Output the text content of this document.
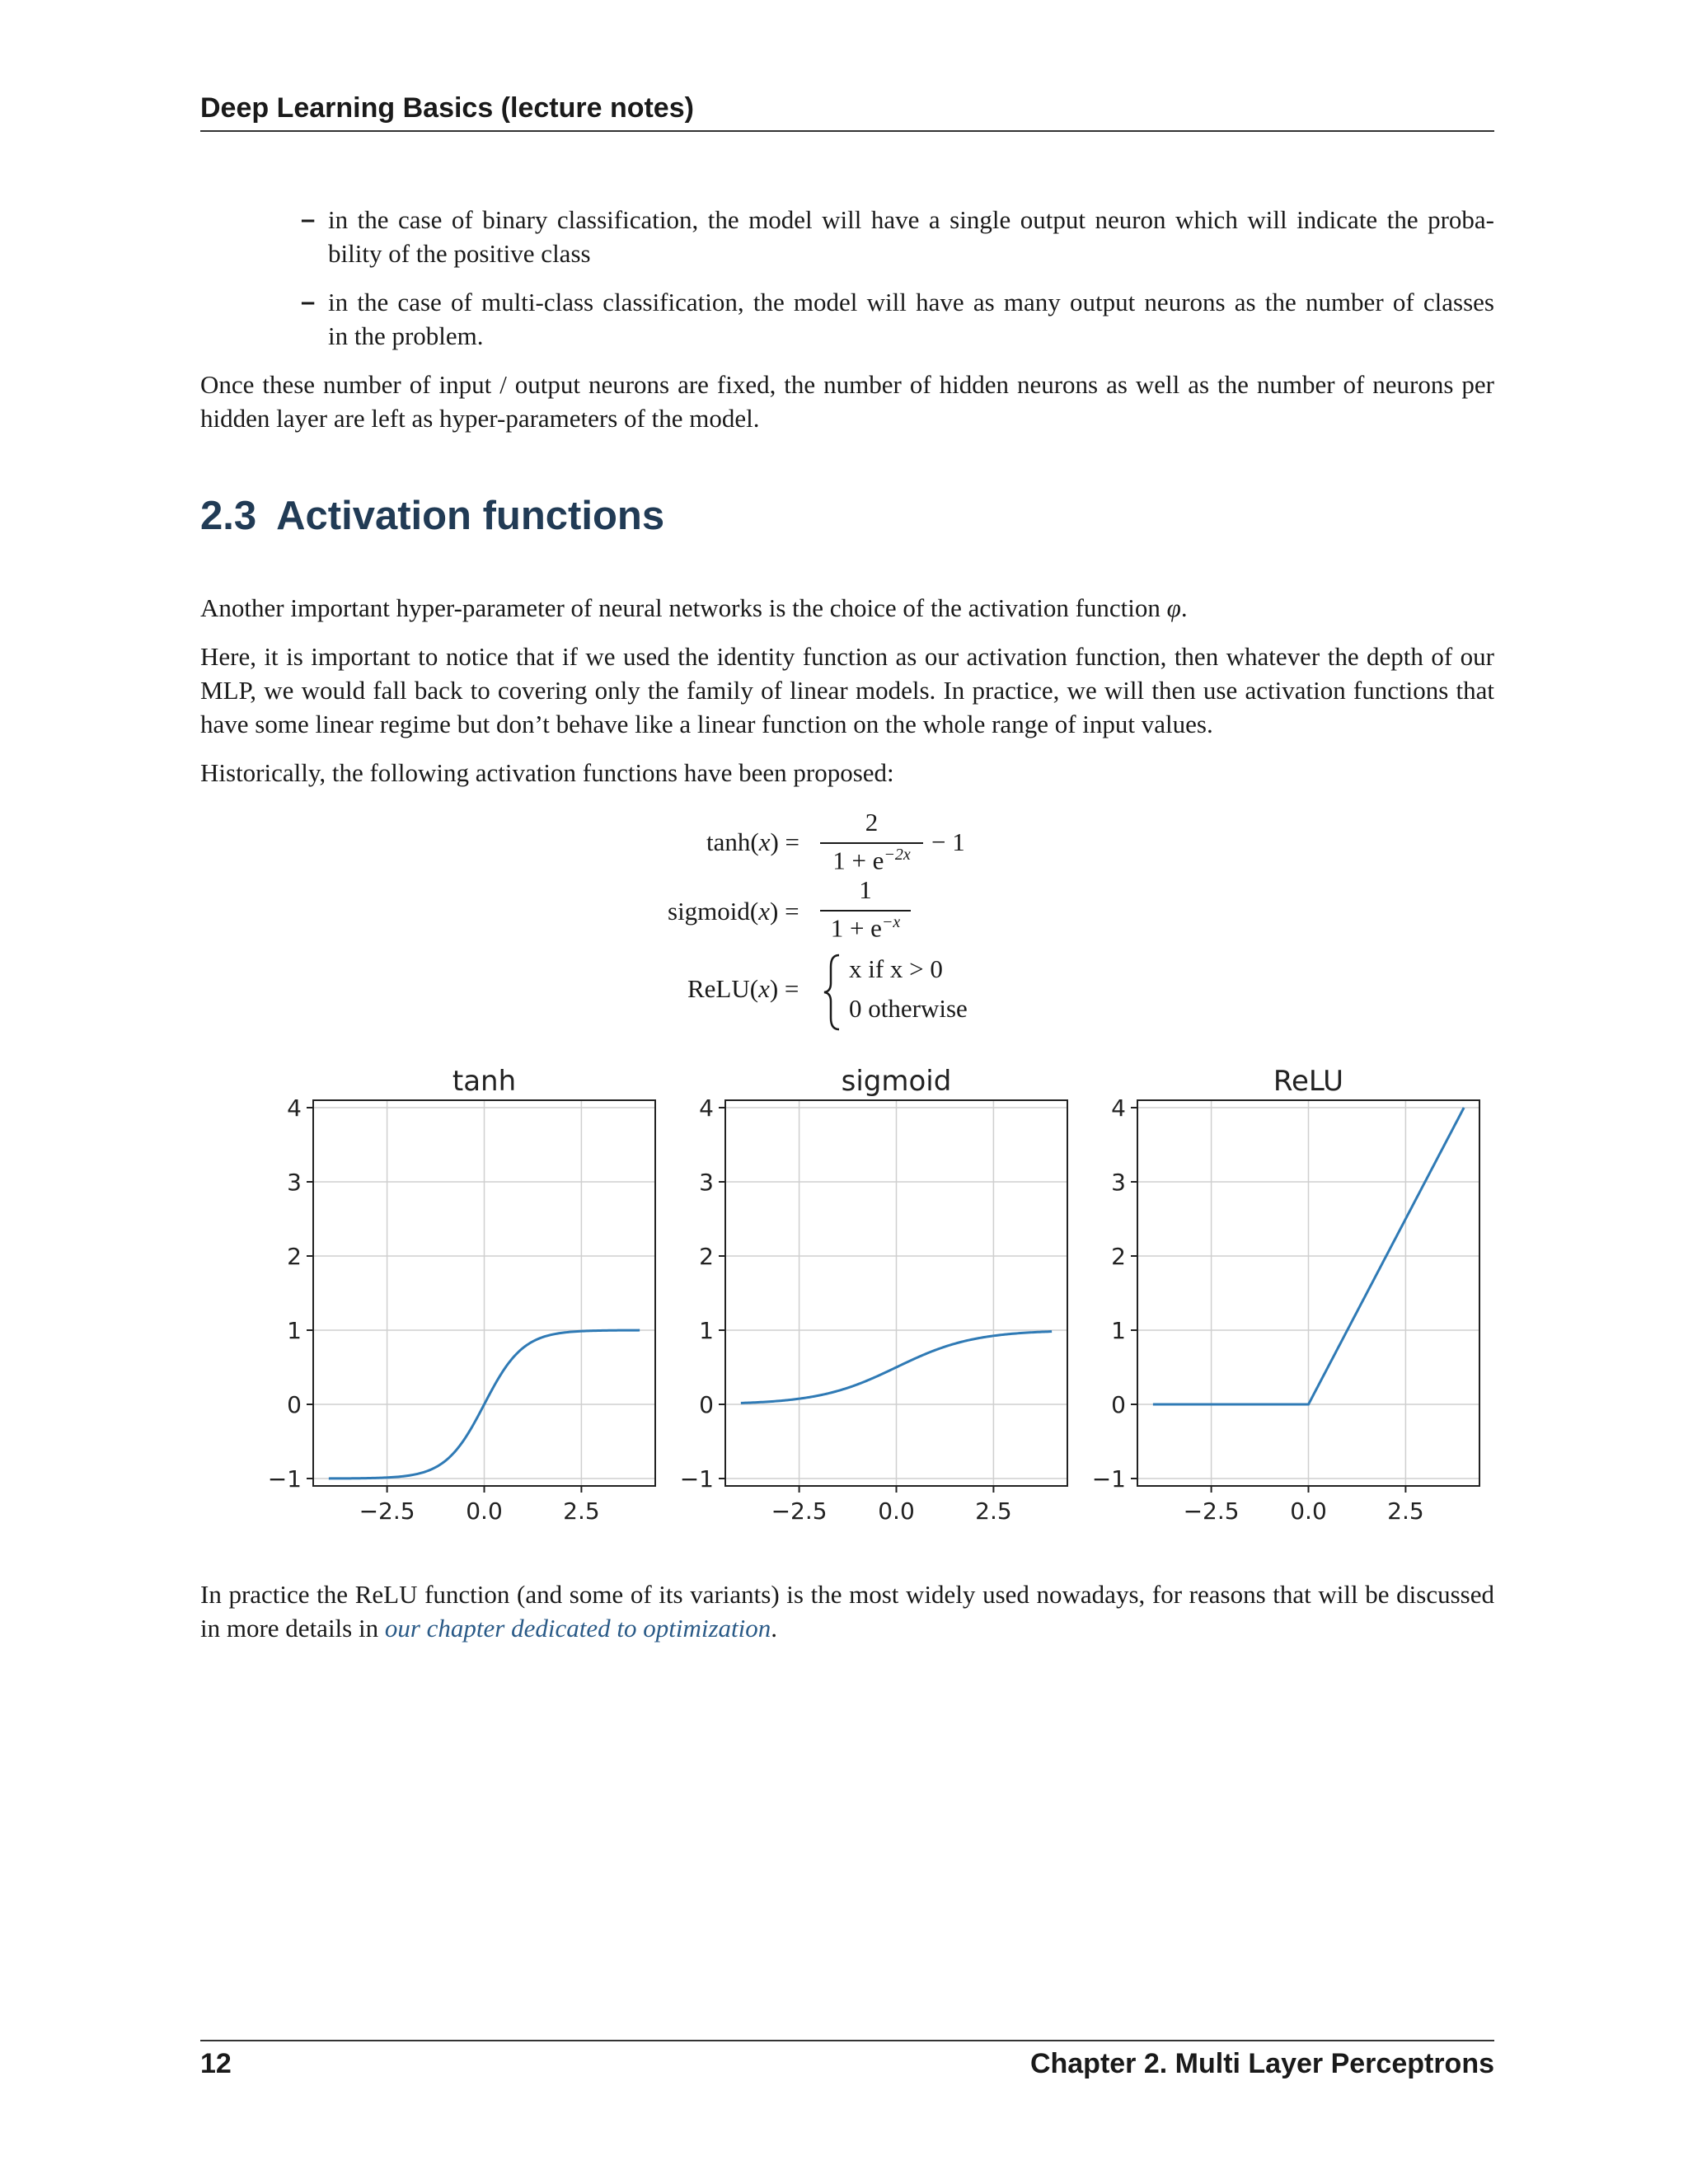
Deep Learning Basics (lecture notes)
– in the case of binary classification, the model will have a single output neuron which will indicate the proba-
bility of the positive class
– in the case of multi-class classification, the model will have as many output neurons as the number of classes
in the problem.
Once these number of input / output neurons are fixed, the number of hidden neurons as well as the number of neurons per hidden layer are left as hyper-parameters of the model.
2.3 Activation functions
Another important hyper-parameter of neural networks is the choice of the activation function φ.
Here, it is important to notice that if we used the identity function as our activation function, then whatever the depth of our MLP, we would fall back to covering only the family of linear models. In practice, we will then use activation functions that have some linear regime but don’t behave like a linear function on the whole range of input values.
Historically, the following activation functions have been proposed:
tanh(x) =
2
$1 + e^{-2x} - 1$
sigmoid(x) =
1
$1 + e^{-x}$
ReLU(x) =
x if x > 0
0 otherwise
−2.5 0.0	2.5
−1
0
1
2
3
4
tanh
−2.5 0.0	2.5
−1
0
1
2
3
4
sigmoid
−2.5 0.0	2.5
−1
0
1
2
3
4
ReLU
In practice the ReLU function (and some of its variants) is the most widely used nowadays, for reasons that will be discussed in more details in our chapter dedicated to optimization.
12	Chapter 2. Multi Layer Perceptrons
